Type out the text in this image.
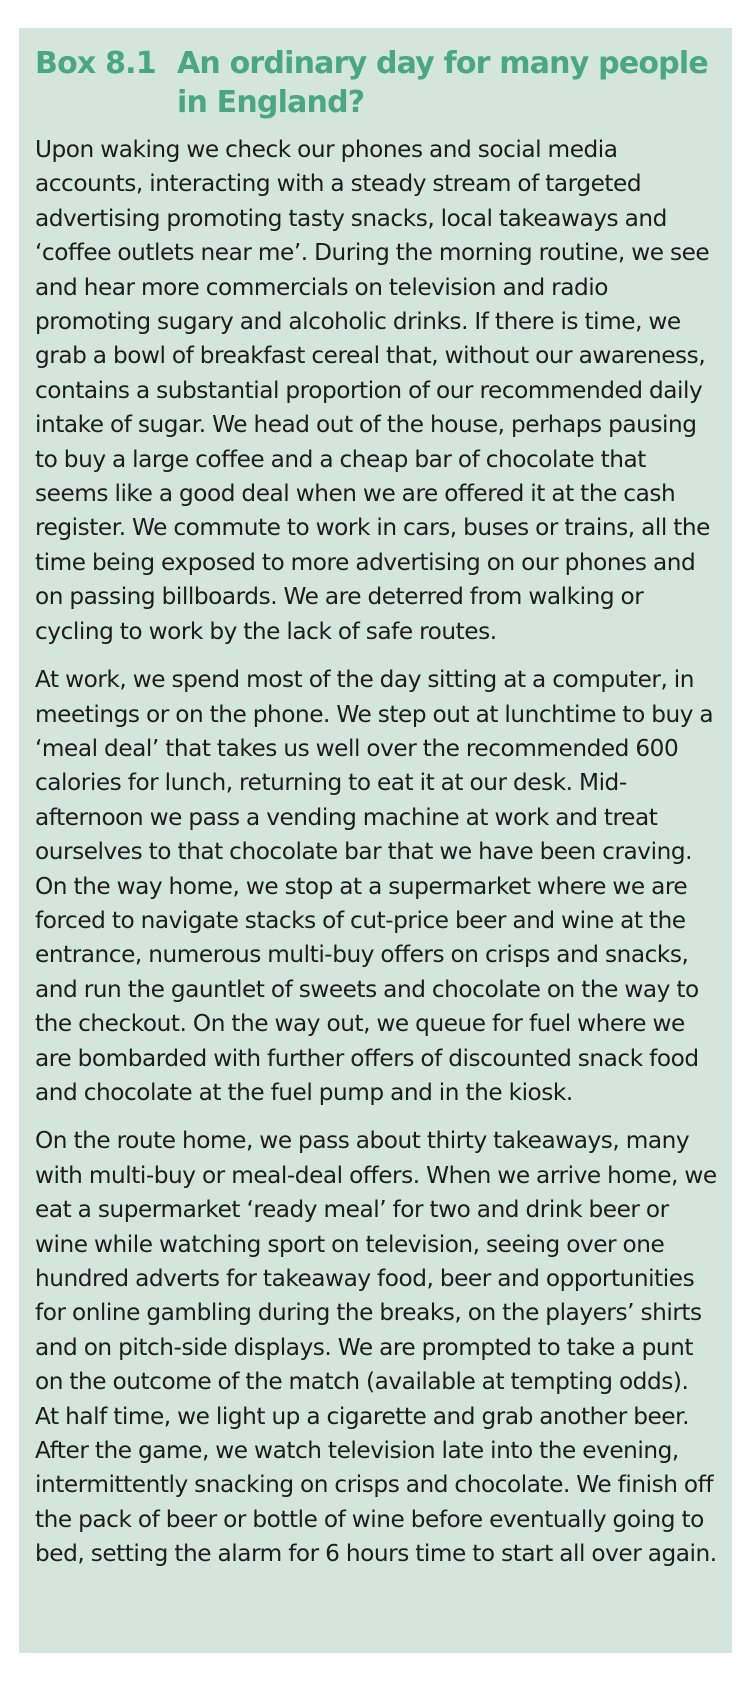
Box 8.1 An ordinary day for many people in England?

Upon waking we check our phones and social media accounts, interacting with a steady stream of targeted advertising promoting tasty snacks, local takeaways and ‘coffee outlets near me’. During the morning routine, we see and hear more commercials on television and radio promoting sugary and alcoholic drinks. If there is time, we grab a bowl of breakfast cereal that, without our awareness, contains a substantial proportion of our recommended daily intake of sugar. We head out of the house, perhaps pausing to buy a large coffee and a cheap bar of chocolate that seems like a good deal when we are offered it at the cash register. We commute to work in cars, buses or trains, all the time being exposed to more advertising on our phones and on passing billboards. We are deterred from walking or cycling to work by the lack of safe routes.

At work, we spend most of the day sitting at a computer, in meetings or on the phone. We step out at lunchtime to buy a ‘meal deal’ that takes us well over the recommended 600 calories for lunch, returning to eat it at our desk. Mid-afternoon we pass a vending machine at work and treat ourselves to that chocolate bar that we have been craving. On the way home, we stop at a supermarket where we are forced to navigate stacks of cut-price beer and wine at the entrance, numerous multi-buy offers on crisps and snacks, and run the gauntlet of sweets and chocolate on the way to the checkout. On the way out, we queue for fuel where we are bombarded with further offers of discounted snack food and chocolate at the fuel pump and in the kiosk.

On the route home, we pass about thirty takeaways, many with multi-buy or meal-deal offers. When we arrive home, we eat a supermarket ‘ready meal’ for two and drink beer or wine while watching sport on television, seeing over one hundred adverts for takeaway food, beer and opportunities for online gambling during the breaks, on the players’ shirts and on pitch-side displays. We are prompted to take a punt on the outcome of the match (available at tempting odds). At half time, we light up a cigarette and grab another beer. After the game, we watch television late into the evening, intermittently snacking on crisps and chocolate. We finish off the pack of beer or bottle of wine before eventually going to bed, setting the alarm for 6 hours time to start all over again.
